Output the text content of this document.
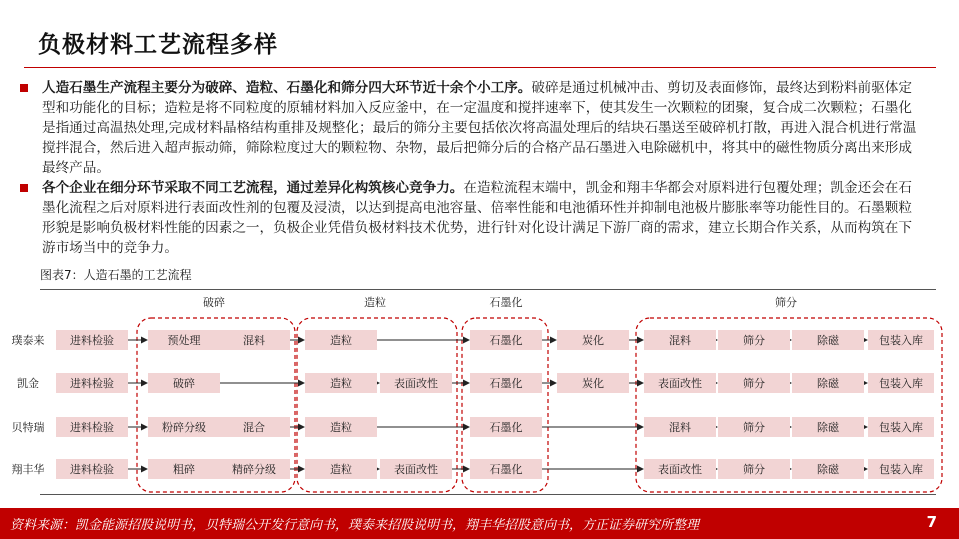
负极材料工艺流程多样
人造石墨生产流程主要分为破碎、造粒、石墨化和筛分四大环节近十余个小工序。破碎是通过机械冲击、剪切及表面修饰，最终达到粉料前驱体定型和功能化的目标；造粒是将不同粒度的原辅材料加入反应釜中，在一定温度和搅拌速率下，使其发生一次颗粒的团聚，复合成二次颗粒；石墨化是指通过高温热处理,完成材料晶格结构重排及规整化；最后的筛分主要包括依次将高温处理后的结块石墨送至破碎机打散，再进入混合机进行常温搅拌混合，然后进入超声振动筛，筛除粒度过大的颗粒物、杂物，最后把筛分后的合格产品石墨进入电除磁机中，将其中的磁性物质分离出来形成最终产品。
各个企业在细分环节采取不同工艺流程，通过差异化构筑核心竞争力。在造粒流程末端中，凯金和翔丰华都会对原料进行包覆处理；凯金还会在石墨化流程之后对原料进行表面改性剂的包覆及浸渍，以达到提高电池容量、倍率性能和电池循环性并抑制电池极片膨胀率等功能性目的。石墨颗粒形貌是影响负极材料性能的因素之一，负极企业凭借负极材料技术优势，进行针对化设计满足下游厂商的需求，建立长期合作关系，从而构筑在下游市场当中的竞争力。
图表7：人造石墨的工艺流程
破碎	造粒	石墨化	筛分
璞泰来 进料检验	预处理	混料	造粒	石墨化	炭化	混料	筛分	除磁	包装入库
凯金	进料检验	破碎	造粒	表面改性	石墨化	炭化	表面改性	筛分	除磁	包装入库
贝特瑞 进料检验	粉碎分级	混合	造粒	石墨化	混料	筛分	除磁	包装入库
翔丰华 进料检验	粗碎	精碎分级	造粒	表面改性	石墨化	表面改性	筛分	除磁	包装入库
资料来源：凯金能源招股说明书，贝特瑞公开发行意向书，璞泰来招股说明书，翔丰华招股意向书，方正证券研究所整理	7
